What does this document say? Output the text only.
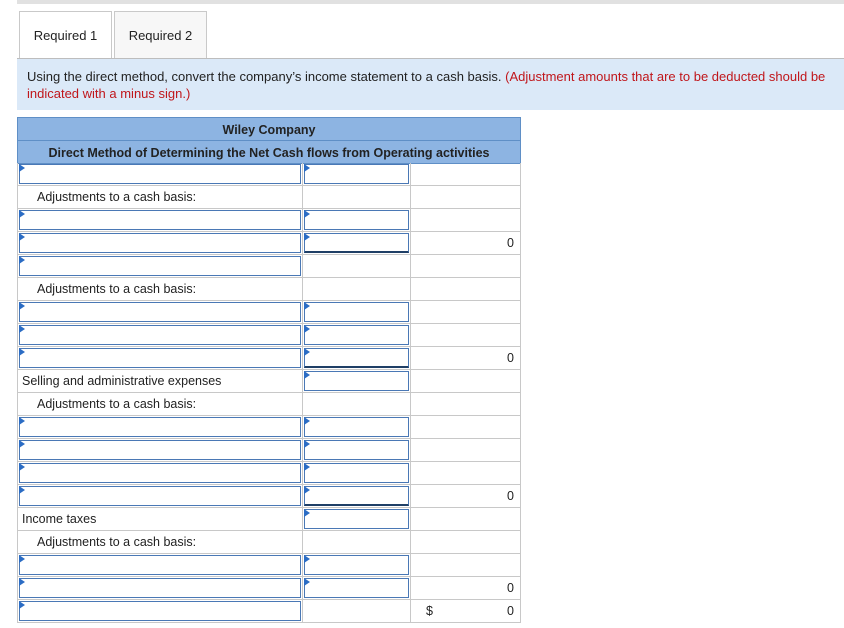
Required 1	Required 2
Using the direct method, convert the company’s income statement to a cash basis. (Adjustment amounts that are to be deducted should be indicated with a minus sign.)
Wiley Company
Direct Method of Determining the Net Cash flows from Operating activities
Adjustments to a cash basis:
0
Adjustments to a cash basis:
0
Selling and administrative expenses
Adjustments to a cash basis:
0
Income taxes
Adjustments to a cash basis:
0
$	0
